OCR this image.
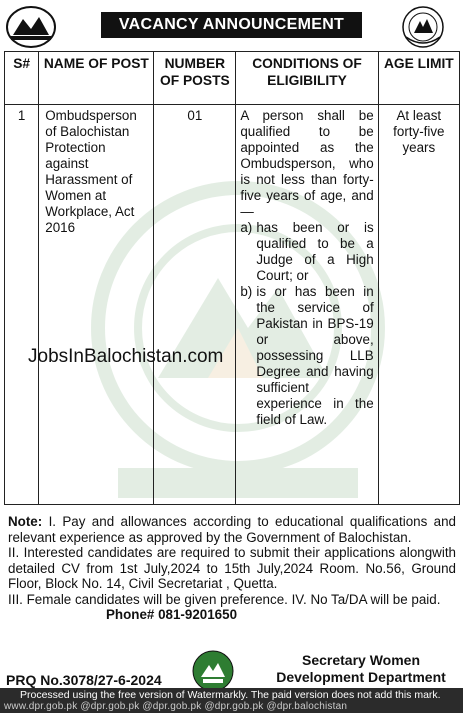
VACANCY ANNOUNCEMENT
S#	NAME OF POST	NUMBER OF POSTS	CONDITIONS OF ELIGIBILITY	AGE LIMIT
1	Ombudsperson of Balochistan Protection against Harassment of Women at Workplace, Act 2016	01	A person shall be qualified to be appointed as the Ombudsperson, who is not less than forty-five years of age, and—
a) has been or is qualified to be a Judge of a High Court; or
b) is or has been in the service of Pakistan in BPS-19 or above, possessing LLB Degree and having sufficient experience in the field of Law.	At least forty-five years
JobsInBalochistan.com

Note: I. Pay and allowances according to educational qualifications and relevant experience as approved by the Government of Balochistan.

II. Interested candidates are required to submit their applications alongwith detailed CV from 1st July,2024 to 15th July,2024 Room. No.56, Ground Floor, Block No. 14, Civil Secretariat , Quetta.

III. Female candidates will be given preference. IV. No Ta/DA will be paid.

Phone# 081-9201650

PRQ No.3078/27-6-2024
Secretary Women
Development Department
Processed using the free version of Watermarkly. The paid version does not add this mark.
www.dpr.gob.pk @dpr.gob.pk @dpr.gob.pk @dpr.gob.pk @dpr.balochistan
